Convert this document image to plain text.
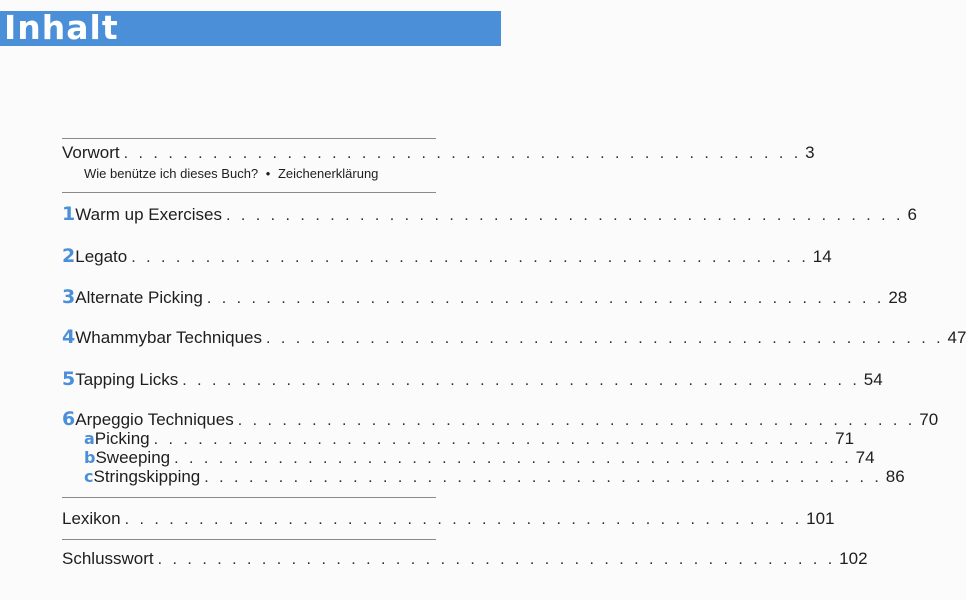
Inhalt
Vorwort . . . . . . . . . . . . . . . . . . . . . . . . . . . . . . . . . . . . . . . . . . . . . . 3
Wie benütze ich dieses Buch? • Zeichenerklärung
1 Warm up Exercises . . . . . . . . . . . . . . . . . . . . . . . . . . . . . . . . . . . . . . . . . . . . . . 6
2 Legato . . . . . . . . . . . . . . . . . . . . . . . . . . . . . . . . . . . . . . . . . . . . . . 14
3 Alternate Picking . . . . . . . . . . . . . . . . . . . . . . . . . . . . . . . . . . . . . . . . . . . . . . 28
4 Whammybar Techniques . . . . . . . . . . . . . . . . . . . . . . . . . . . . . . . . . . . . . . . . . . . . . . 47
5 Tapping Licks . . . . . . . . . . . . . . . . . . . . . . . . . . . . . . . . . . . . . . . . . . . . . . 54
6 Arpeggio Techniques . . . . . . . . . . . . . . . . . . . . . . . . . . . . . . . . . . . . . . . . . . . . . . 70
a Picking . . . . . . . . . . . . . . . . . . . . . . . . . . . . . . . . . . . . . . . . . . . . . . 71
b Sweeping . . . . . . . . . . . . . . . . . . . . . . . . . . . . . . . . . . . . . . . . . . . . . . 74
c Stringskipping . . . . . . . . . . . . . . . . . . . . . . . . . . . . . . . . . . . . . . . . . . . . . . 86
Lexikon . . . . . . . . . . . . . . . . . . . . . . . . . . . . . . . . . . . . . . . . . . . . . . 101
Schlusswort . . . . . . . . . . . . . . . . . . . . . . . . . . . . . . . . . . . . . . . . . . . . . . 102
